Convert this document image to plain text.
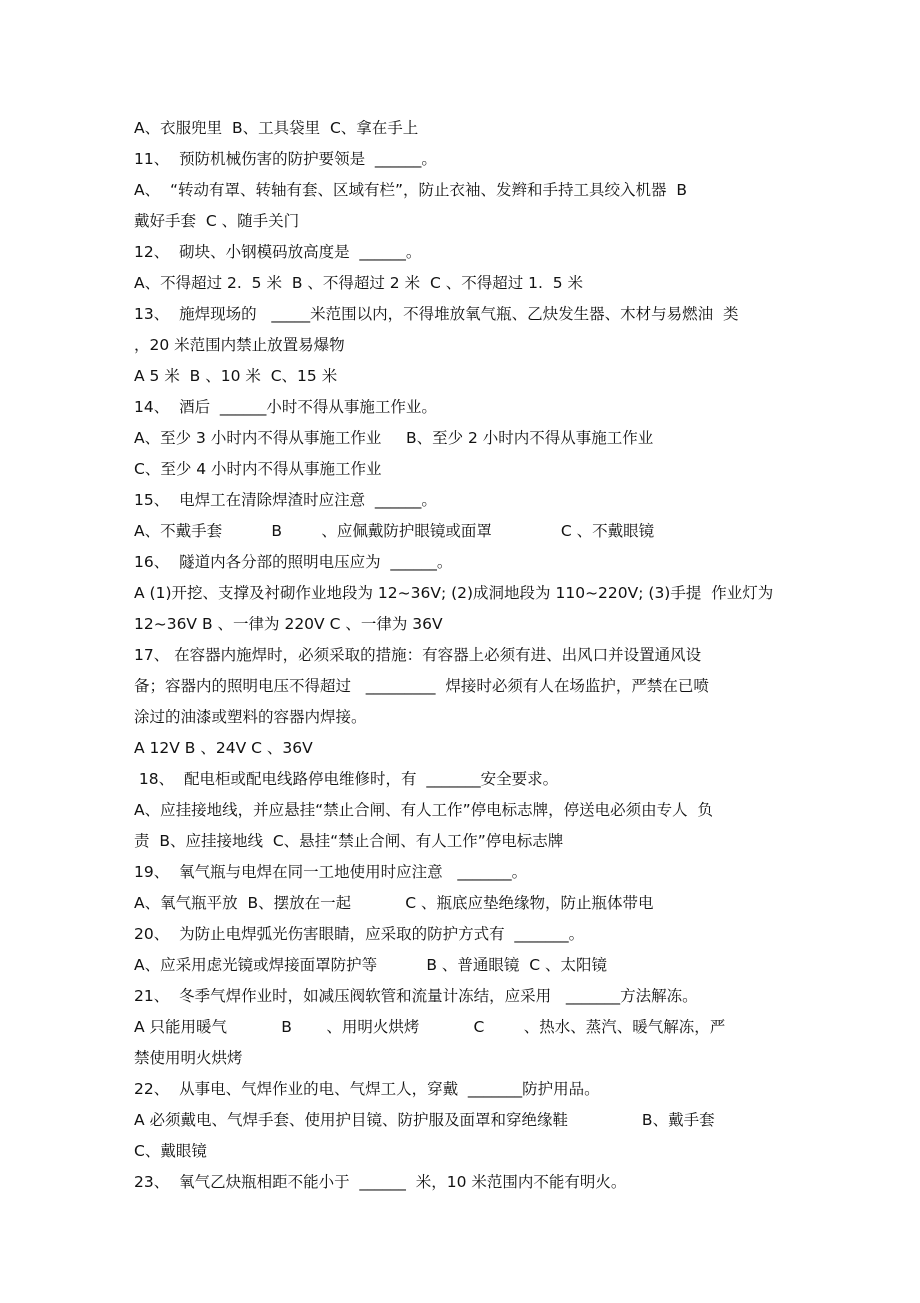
A、衣服兜里  B、工具袋里  C、拿在手上
11、  预防机械伤害的防护要领是  ______。
A、  “转动有罩、转轴有套、区域有栏”，防止衣袖、发辫和手持工具绞入机器  B
戴好手套  C 、随手关门
12、  砌块、小钢模码放高度是  ______。
A、不得超过 2.  5 米  B 、不得超过 2 米  C 、不得超过 1.  5 米
13、  施焊现场的   _____米范围以内，不得堆放氧气瓶、乙炔发生器、木材与易燃油  类
，20 米范围内禁止放置易爆物
A 5 米  B 、10 米  C、15 米
14、  酒后  ______小时不得从事施工作业。
A、至少 3 小时内不得从事施工作业     B、至少 2 小时内不得从事施工作业
C、至少 4 小时内不得从事施工作业
15、  电焊工在清除焊渣时应注意  ______。
A、不戴手套          B        、应佩戴防护眼镜或面罩              C 、不戴眼镜
16、  隧道内各分部的照明电压应为  ______。
A (1)开挖、支撑及衬砌作业地段为 12~36V; (2)成洞地段为 110~220V; (3)手提  作业灯为
12~36V B 、一律为 220V C 、一律为 36V
17、 在容器内施焊时，必须采取的措施：有容器上必须有进、出风口并设置通风设
备；容器内的照明电压不得超过   _________  焊接时必须有人在场监护，严禁在已喷
涂过的油漆或塑料的容器内焊接。
A 12V B 、24V C 、36V
18、  配电柜或配电线路停电维修时，有  _______安全要求。
A、应挂接地线，并应悬挂“禁止合闸、有人工作”停电标志牌，停送电必须由专人  负
责  B、应挂接地线  C、悬挂“禁止合闸、有人工作”停电标志牌
19、  氧气瓶与电焊在同一工地使用时应注意   _______。
A、氧气瓶平放  B、摆放在一起           C 、瓶底应垫绝缘物，防止瓶体带电
20、  为防止电焊弧光伤害眼睛，应采取的防护方式有  _______。
A、应采用虑光镜或焊接面罩防护等          B 、普通眼镜  C 、太阳镜
21、  冬季气焊作业时，如减压阀软管和流量计冻结，应采用   _______方法解冻。
A 只能用暖气           B       、用明火烘烤           C        、热水、蒸汽、暖气解冻，严
禁使用明火烘烤
22、  从事电、气焊作业的电、气焊工人，穿戴  _______防护用品。
A 必须戴电、气焊手套、使用护目镜、防护服及面罩和穿绝缘鞋               B、戴手套
C、戴眼镜
23、  氧气乙炔瓶相距不能小于  ______  米，10 米范围内不能有明火。
